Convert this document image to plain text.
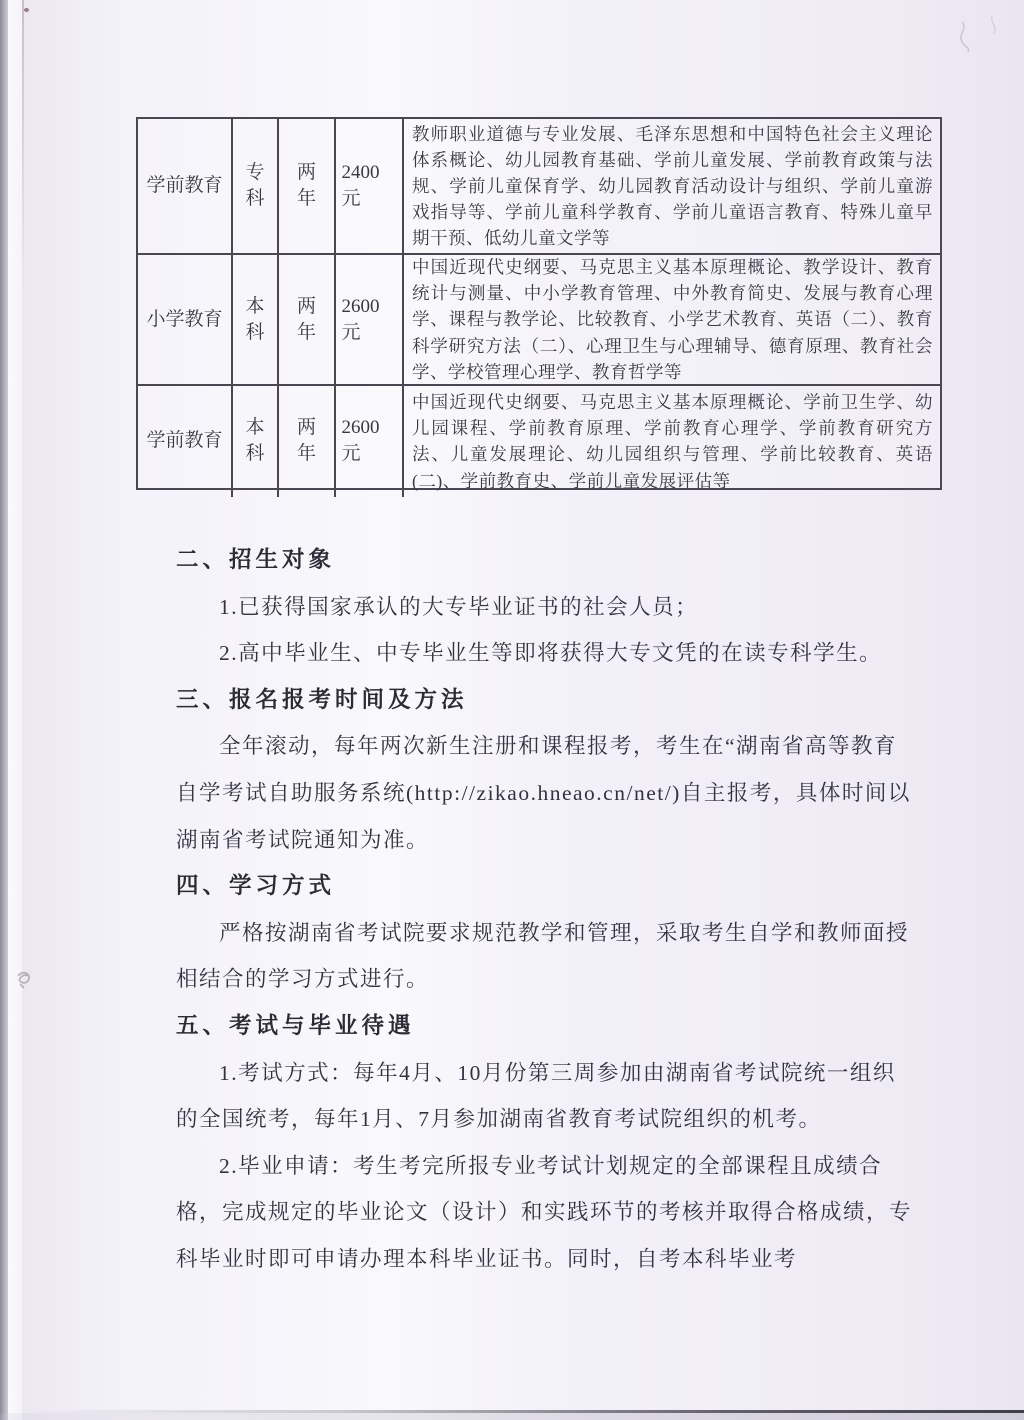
学前教育
专科
两年
2400元
教师职业道德与专业发展、毛泽东思想和中国特色社会主义理论体系概论、幼儿园教育基础、学前儿童发展、学前教育政策与法规、学前儿童保育学、幼儿园教育活动设计与组织、学前儿童游戏指导等、学前儿童科学教育、学前儿童语言教育、特殊儿童早期干预、低幼儿童文学等
小学教育
本科
两年
2600元
中国近现代史纲要、马克思主义基本原理概论、教学设计、教育统计与测量、中小学教育管理、中外教育简史、发展与教育心理学、课程与教学论、比较教育、小学艺术教育、英语（二）、教育科学研究方法（二）、心理卫生与心理辅导、德育原理、教育社会学、学校管理心理学、教育哲学等
学前教育
本科
两年
2600元
中国近现代史纲要、马克思主义基本原理概论、学前卫生学、幼儿园课程、学前教育原理、学前教育心理学、学前教育研究方法、儿童发展理论、幼儿园组织与管理、学前比较教育、英语(二)、学前教育史、学前儿童发展评估等
二、招生对象

1.已获得国家承认的大专毕业证书的社会人员；

2.高中毕业生、中专毕业生等即将获得大专文凭的在读专科学生。

三、报名报考时间及方法

全年滚动，每年两次新生注册和课程报考，考生在“湖南省高等教育自学考试自助服务系统(http://zikao.hneao.cn/net/)自主报考，具体时间以湖南省考试院通知为准。

四、学习方式

严格按湖南省考试院要求规范教学和管理，采取考生自学和教师面授相结合的学习方式进行。

五、考试与毕业待遇

1.考试方式：每年4月、10月份第三周参加由湖南省考试院统一组织的全国统考，每年1月、7月参加湖南省教育考试院组织的机考。

2.毕业申请：考生考完所报专业考试计划规定的全部课程且成绩合格，完成规定的毕业论文（设计）和实践环节的考核并取得合格成绩，专科毕业时即可申请办理本科毕业证书。同时，自考本科毕业考
